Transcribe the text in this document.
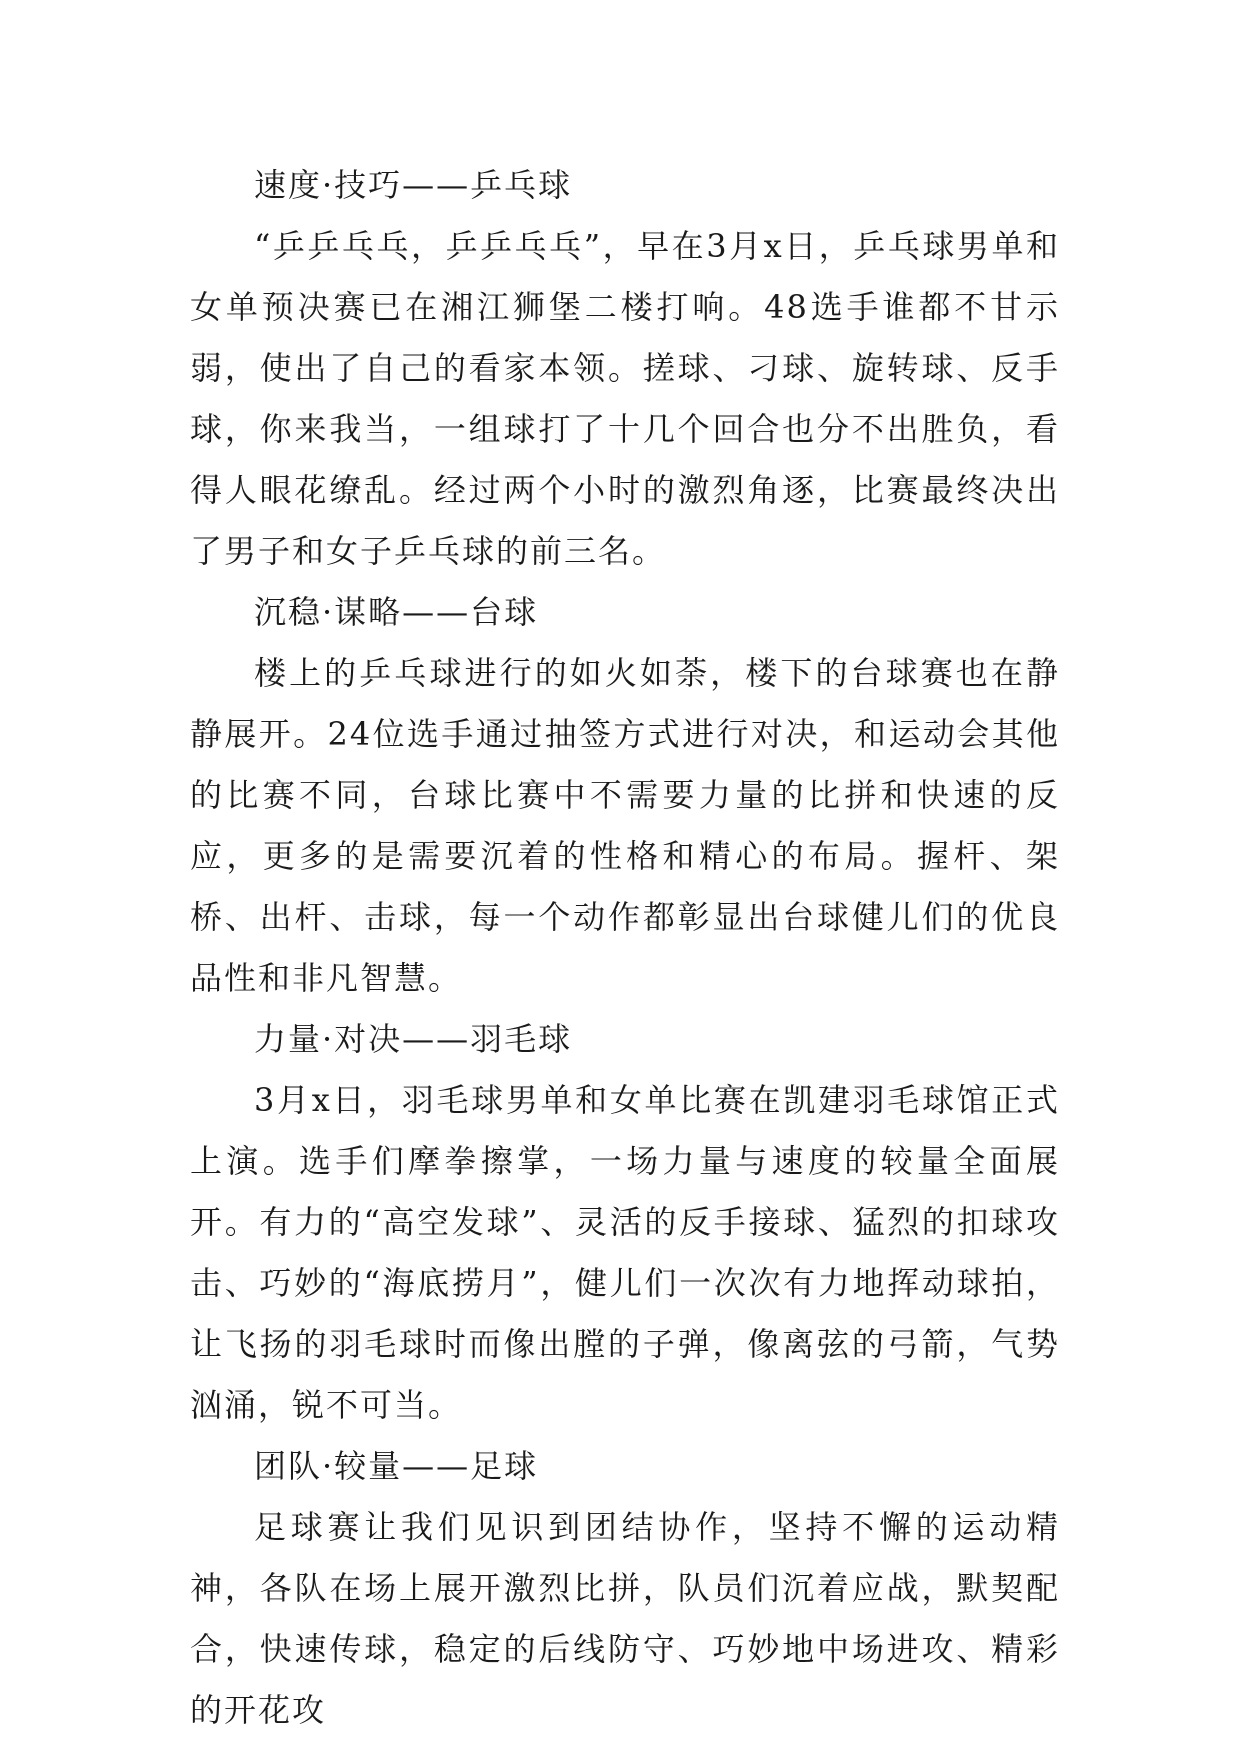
速度·技巧——乒乓球

“乒乒乓乓，乒乒乓乓”，早在3月x日，乒乓球男单和女单预决赛已在湘江狮堡二楼打响。48选手谁都不甘示弱，使出了自己的看家本领。搓球、刁球、旋转球、反手球，你来我当，一组球打了十几个回合也分不出胜负，看得人眼花缭乱。经过两个小时的激烈角逐，比赛最终决出了男子和女子乒乓球的前三名。

沉稳·谋略——台球

楼上的乒乓球进行的如火如荼，楼下的台球赛也在静静展开。24位选手通过抽签方式进行对决，和运动会其他的比赛不同，台球比赛中不需要力量的比拼和快速的反应，更多的是需要沉着的性格和精心的布局。握杆、架桥、出杆、击球，每一个动作都彰显出台球健儿们的优良品性和非凡智慧。

力量·对决——羽毛球

3月x日，羽毛球男单和女单比赛在凯建羽毛球馆正式上演。选手们摩拳擦掌，一场力量与速度的较量全面展开。有力的“高空发球”、灵活的反手接球、猛烈的扣球攻击、巧妙的“海底捞月”，健儿们一次次有力地挥动球拍，让飞扬的羽毛球时而像出膛的子弹，像离弦的弓箭，气势汹涌，锐不可当。

团队·较量——足球

足球赛让我们见识到团结协作，坚持不懈的运动精神，各队在场上展开激烈比拼，队员们沉着应战，默契配合，快速传球，稳定的后线防守、巧妙地中场进攻、精彩的开花攻
